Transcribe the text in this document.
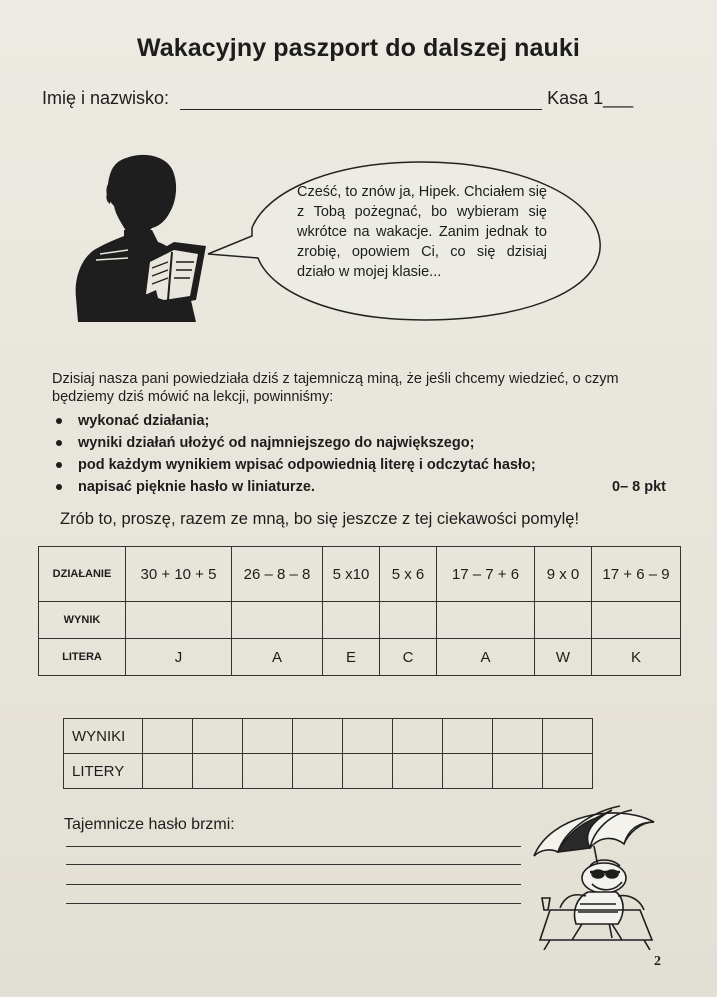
Wakacyjny paszport do dalszej nauki
Imię i nazwisko:	Kasa 1___
Cześć, to znów ja, Hipek. Chciałem się z Tobą pożegnać, bo wybieram się wkrótce na wakacje. Zanim jednak to zrobię, opowiem Ci, co się dzisiaj działo w mojej klasie...
Dzisiaj nasza pani powiedziała dziś z tajemniczą miną, że jeśli chcemy wiedzieć, o czym będziemy dziś mówić na lekcji, powinniśmy:
wykonać działania;
wyniki działań ułożyć od najmniejszego do największego;
pod każdym wynikiem wpisać odpowiednią literę i odczytać hasło;
napisać pięknie hasło w liniaturze.	0– 8 pkt
Zrób to, proszę, razem ze mną, bo się jeszcze z tej ciekawości pomylę!
DZIAŁANIE	30 + 10 + 5	26 – 8 – 8	5 x10	5 x 6	17 – 7 + 6	9 x 0	17 + 6 – 9
WYNIK							
LITERA	J	A	E	C	A	W	K
WYNIKI									
LITERY									
Tajemnicze hasło brzmi:
2
